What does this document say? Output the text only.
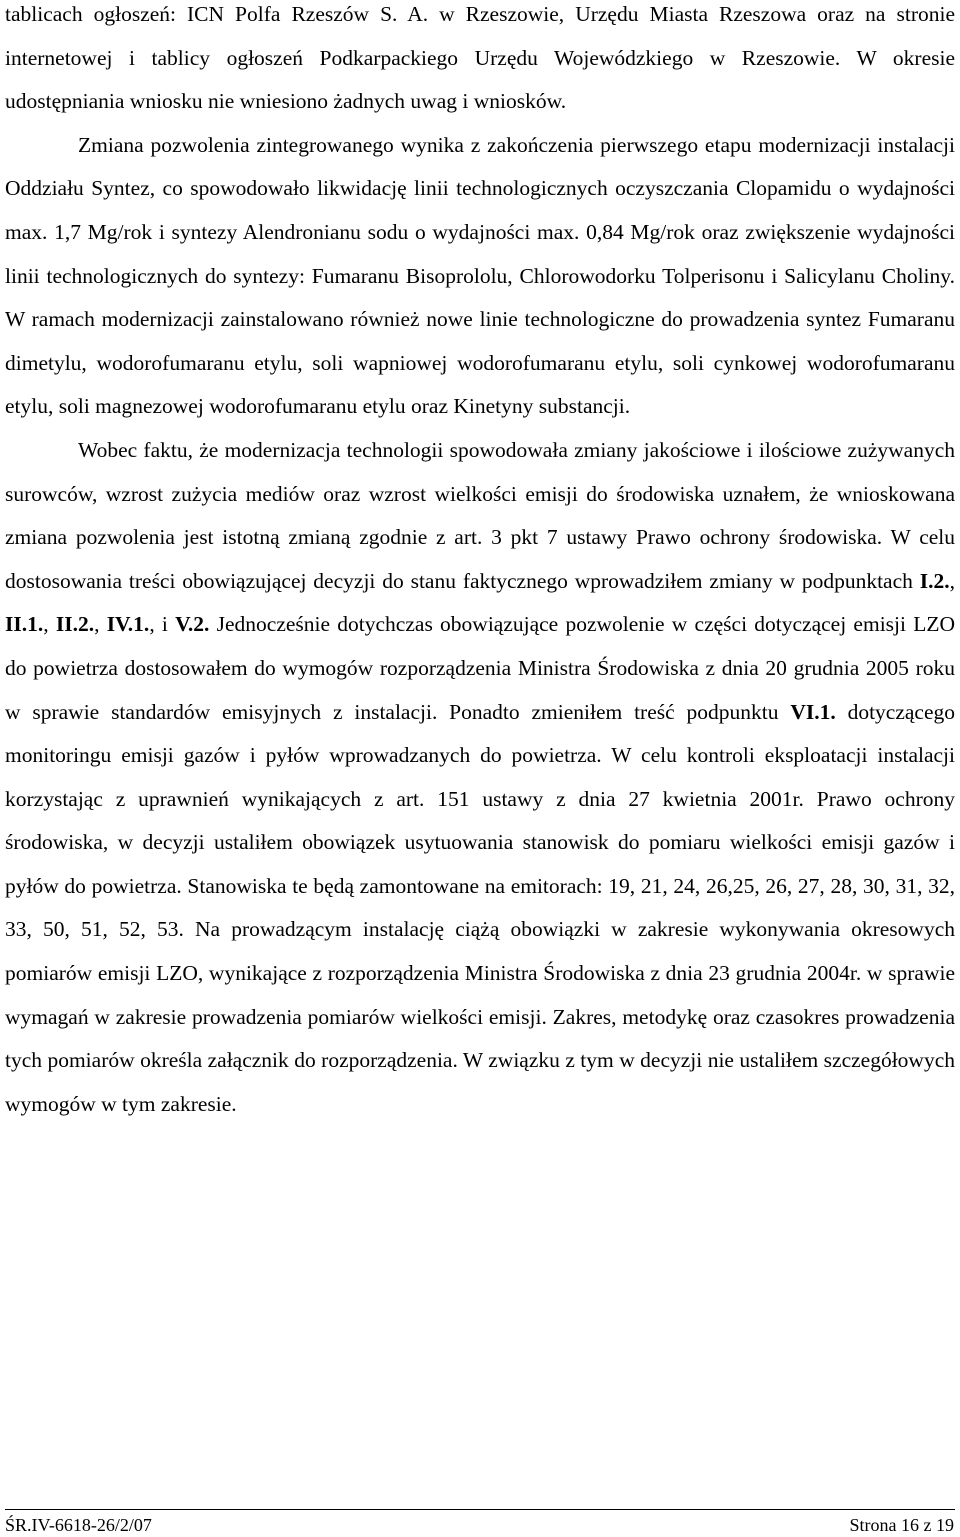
tablicach ogłoszeń: ICN Polfa Rzeszów S. A. w Rzeszowie, Urzędu Miasta Rzeszowa oraz na stronie internetowej i tablicy ogłoszeń Podkarpackiego Urzędu Wojewódzkiego w Rzeszowie. W okresie udostępniania wniosku nie wniesiono żadnych uwag i wniosków.

Zmiana pozwolenia zintegrowanego wynika z zakończenia pierwszego etapu modernizacji instalacji Oddziału Syntez, co spowodowało likwidację linii technologicznych oczyszczania Clopamidu o wydajności max. 1,7 Mg/rok i syntezy Alendronianu sodu o wydajności max. 0,84 Mg/rok oraz zwiększenie wydajności linii technologicznych do syntezy: Fumaranu Bisoprololu, Chlorowodorku Tolperisonu i Salicylanu Choliny. W ramach modernizacji zainstalowano również nowe linie technologiczne do prowadzenia syntez Fumaranu dimetylu, wodorofumaranu etylu, soli wapniowej wodorofumaranu etylu, soli cynkowej wodorofumaranu etylu, soli magnezowej wodorofumaranu etylu oraz Kinetyny substancji.

Wobec faktu, że modernizacja technologii spowodowała zmiany jakościowe i ilościowe zużywanych surowców, wzrost zużycia mediów oraz wzrost wielkości emisji do środowiska uznałem, że wnioskowana zmiana pozwolenia jest istotną zmianą zgodnie z art. 3 pkt 7 ustawy Prawo ochrony środowiska. W celu dostosowania treści obowiązującej decyzji do stanu faktycznego wprowadziłem zmiany w podpunktach I.2., II.1., II.2., IV.1., i V.2. Jednocześnie dotychczas obowiązujące pozwolenie w części dotyczącej emisji LZO do powietrza dostosowałem do wymogów rozporządzenia Ministra Środowiska z dnia 20 grudnia 2005 roku w sprawie standardów emisyjnych z instalacji. Ponadto zmieniłem treść podpunktu VI.1. dotyczącego monitoringu emisji gazów i pyłów wprowadzanych do powietrza. W celu kontroli eksploatacji instalacji korzystając z uprawnień wynikających z art. 151 ustawy z dnia 27 kwietnia 2001r. Prawo ochrony środowiska, w decyzji ustaliłem obowiązek usytuowania stanowisk do pomiaru wielkości emisji gazów i pyłów do powietrza. Stanowiska te będą zamontowane na emitorach: 19, 21, 24, 26,25, 26, 27, 28, 30, 31, 32, 33, 50, 51, 52, 53. Na prowadzącym instalację ciążą obowiązki w zakresie wykonywania okresowych pomiarów emisji LZO, wynikające z rozporządzenia Ministra Środowiska z dnia 23 grudnia 2004r. w sprawie wymagań w zakresie prowadzenia pomiarów wielkości emisji. Zakres, metodykę oraz czasokres prowadzenia tych pomiarów określa załącznik do rozporządzenia. W związku z tym w decyzji nie ustaliłem szczegółowych wymogów w tym zakresie.

ŚR.IV-6618-26/2/07	Strona 16 z 19
